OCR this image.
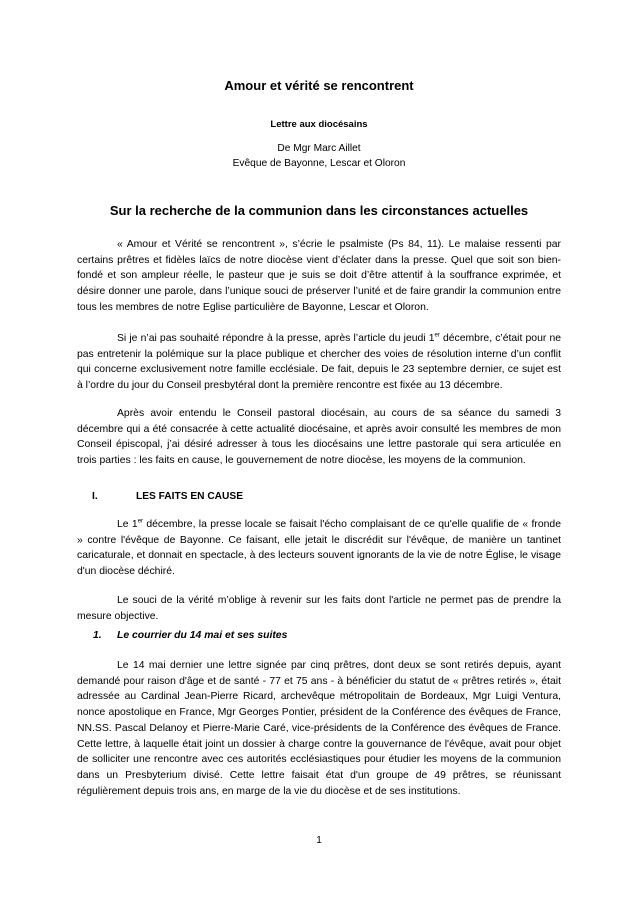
Amour et vérité se rencontrent
Lettre aux diocésains
De Mgr Marc Aillet
Evêque de Bayonne, Lescar et Oloron
Sur la recherche de la communion dans les circonstances actuelles

« Amour et Vérité se rencontrent », s’écrie le psalmiste (Ps 84, 11). Le malaise ressenti par certains prêtres et fidèles laïcs de notre diocèse vient d’éclater dans la presse. Quel que soit son bien-fondé et son ampleur réelle, le pasteur que je suis se doit d’être attentif à la souffrance exprimée, et désire donner une parole, dans l’unique souci de préserver l’unité et de faire grandir la communion entre tous les membres de notre Eglise particulière de Bayonne, Lescar et Oloron.

Si je n’ai pas souhaité répondre à la presse, après l’article du jeudi 1er décembre, c’était pour ne pas entretenir la polémique sur la place publique et chercher des voies de résolution interne d’un conflit qui concerne exclusivement notre famille ecclésiale. De fait, depuis le 23 septembre dernier, ce sujet est à l’ordre du jour du Conseil presbytéral dont la première rencontre est fixée au 13 décembre.

Après avoir entendu le Conseil pastoral diocésain, au cours de sa séance du samedi 3 décembre qui a été consacrée à cette actualité diocésaine, et après avoir consulté les membres de mon Conseil épiscopal, j’ai désiré adresser à tous les diocésains une lettre pastorale qui sera articulée en trois parties : les faits en cause, le gouvernement de notre diocèse, les moyens de la communion.

I.	LES FAITS EN CAUSE

Le 1er décembre, la presse locale se faisait l'écho complaisant de ce qu'elle qualifie de « fronde » contre l'évêque de Bayonne. Ce faisant, elle jetait le discrédit sur l'évêque, de manière un tantinet caricaturale, et donnait en spectacle, à des lecteurs souvent ignorants de la vie de notre Église, le visage d'un diocèse déchiré.

Le souci de la vérité m’oblige à revenir sur les faits dont l'article ne permet pas de prendre la mesure objective.

1. Le courrier du 14 mai et ses suites

Le 14 mai dernier une lettre signée par cinq prêtres, dont deux se sont retirés depuis, ayant demandé pour raison d'âge et de santé - 77 et 75 ans - à bénéficier du statut de « prêtres retirés », était adressée au Cardinal Jean-Pierre Ricard, archevêque métropolitain de Bordeaux, Mgr Luigi Ventura, nonce apostolique en France, Mgr Georges Pontier, président de la Conférence des évêques de France, NN.SS. Pascal Delanoy et Pierre-Marie Caré, vice-présidents de la Conférence des évêques de France. Cette lettre, à laquelle était joint un dossier à charge contre la gouvernance de l'évêque, avait pour objet de solliciter une rencontre avec ces autorités ecclésiastiques pour étudier les moyens de la communion dans un Presbyterium divisé. Cette lettre faisait état d'un groupe de 49 prêtres, se réunissant régulièrement depuis trois ans, en marge de la vie du diocèse et de ses institutions.

1
